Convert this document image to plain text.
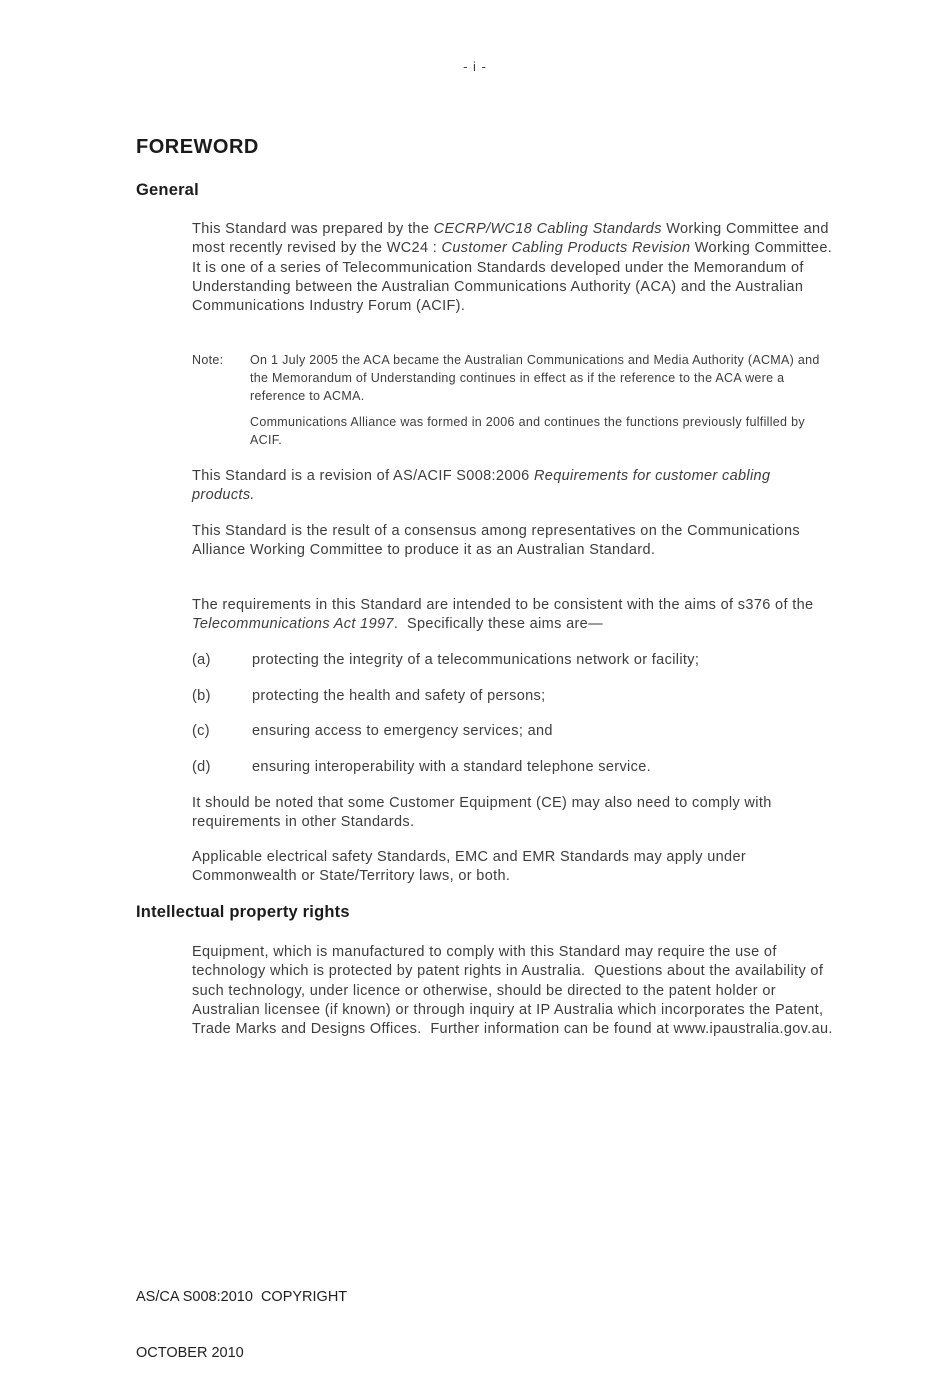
- i -
FOREWORD
General

This Standard was prepared by the CECRP/WC18 Cabling Standards Working Committee and most recently revised by the WC24 : Customer Cabling Products Revision Working Committee.  It is one of a series of Telecommunication Standards developed under the Memorandum of Understanding between the Australian Communications Authority (ACA) and the Australian Communications Industry Forum (ACIF).

Note:	On 1 July 2005 the ACA became the Australian Communications and Media Authority (ACMA) and the Memorandum of Understanding continues in effect as if the reference to the ACA were a reference to ACMA.
Communications Alliance was formed in 2006 and continues the functions previously fulfilled by ACIF.

This Standard is a revision of AS/ACIF S008:2006 Requirements for customer cabling products.

This Standard is the result of a consensus among representatives on the Communications Alliance Working Committee to produce it as an Australian Standard.

The requirements in this Standard are intended to be consistent with the aims of s376 of the Telecommunications Act 1997.  Specifically these aims are—

(a)	protecting the integrity of a telecommunications network or facility;
(b)	protecting the health and safety of persons;
(c)	ensuring access to emergency services; and
(d)	ensuring interoperability with a standard telephone service.

It should be noted that some Customer Equipment (CE) may also need to comply with requirements in other Standards.

Applicable electrical safety Standards, EMC and EMR Standards may apply under Commonwealth or State/Territory laws, or both.

Intellectual property rights

Equipment, which is manufactured to comply with this Standard may require the use of technology which is protected by patent rights in Australia.  Questions about the availability of such technology, under licence or otherwise, should be directed to the patent holder or Australian licensee (if known) or through inquiry at IP Australia which incorporates the Patent, Trade Marks and Designs Offices.  Further information can be found at www.ipaustralia.gov.au.

AS/CA S008:2010  COPYRIGHT

OCTOBER 2010
